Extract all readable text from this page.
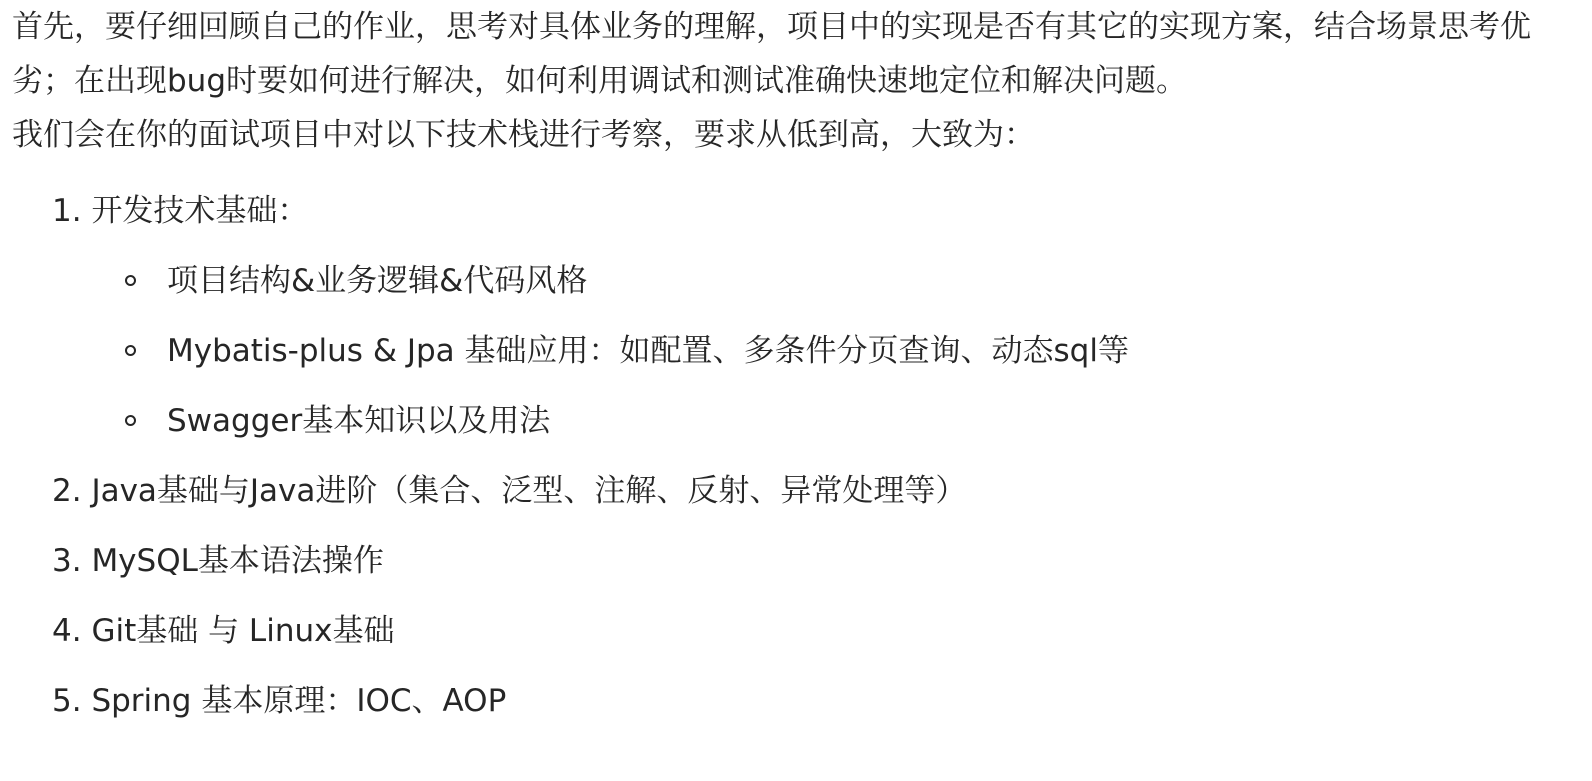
首先，要仔细回顾自己的作业，思考对具体业务的理解，项目中的实现是否有其它的实现方案，结合场景思考优劣；在出现bug时要如何进行解决，如何利用调试和测试准确快速地定位和解决问题。

我们会在你的面试项目中对以下技术栈进行考察，要求从低到高，大致为：

1. 开发技术基础：
项目结构&业务逻辑&代码风格
Mybatis-plus & Jpa 基础应用：如配置、多条件分页查询、动态sql等
Swagger基本知识以及用法
2. Java基础与Java进阶（集合、泛型、注解、反射、异常处理等）
3. MySQL基本语法操作
4. Git基础 与 Linux基础
5. Spring 基本原理：IOC、AOP
